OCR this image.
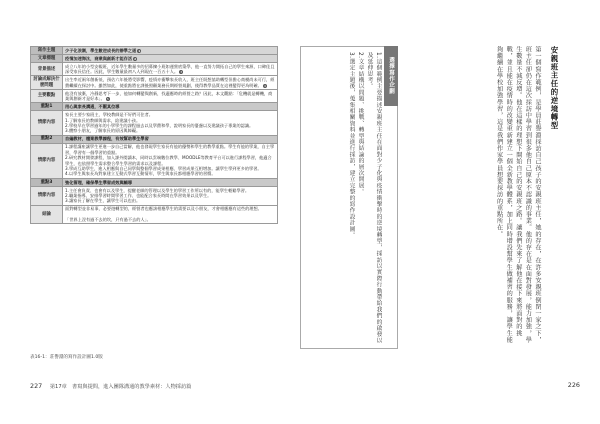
寫作主題	少子化浪潮，學生數逆成長的辦學之道 1
文章標題	疫情加速海汰，商業與創新才能存活 2
背景描述	成立八年的小型安親班，近年學生數量多的招募擴小班如運營底築學，他一直努力開拓自己的學生來源，口碑佳且深受家長信任。因此，學生數量最初八人到現在一百五十人。 3
討論成解決什麼問題	出生率近兩年創新低，預估六年後將受影響，疫情亦衝擊家長收入，班主任既想協助轉型但擔心商模尚未可行，經費繼續在探討中。雖然如此，使重點將在課後照顧業務長期經營規劃，使得教學品質在這裡變得更為明確。 4
主要觀點	他沒有放棄，冷靜思考下一步，他如何轉變與創新，找適應時的經營之路？因此，本文觀點：「危機就是轉機，商業與創新才是好本」。 5
重點1	用心與家長溝通，不厭其位導
情節內容	家長主要少家班主，學校教師是不好們可住者。
1.了解家長的教師與需求，給建議小孩。
2.學校早在學習過年的小學學生的課程過去以及學費和學，說明家長的憂慮以及建議孩子專業的認識。
3.體察小朋友，了解家長的原因與障礙。
重點2	自編教材，檔案教學課程，有效幫助學生學習
情節內容	1.課程講座讓學生更進一步自己當解，他也發現學生家長有他的優勢和學生的教學重點。學生有他的學業，自主學習，學習有一個學習的重點。
2.研究教材開發課程，加入課外閱讀本，同時以雲端數位教學、MOODLE等教育平台可以進行課程學習，他適合學生，也依照學生需求整合學生學習的需求以及課程。
3.學成互助學生，進入相應與自己同學與整個學習成果相應、學習成果互相增加。讓學生學到更多的學習。
4.以學生與家長為對象建立互動式學習互動情形，學生與家長都相應學習的習慣。
重點3	強化管理，確保學生學習成效與輔導
情節內容	1.主任會負責、也會有以及學生，提醒老師的管理以及學生的學習工作所以有的，能學生輕鬆學習。
2.職業指導、安排學習時間學習工作、也能配合家長時間在學習效果以及學生。
3.讓家長了解在學生，讓學生可以也由。
結論	面對轉型並非易事，必要遊轉型的，經營者也應該相應學生的需要以及小朋友，才會相應應有這些的理想。

「世界上沒有過不去的坎，只有過不去的人」。
表16-1：莊譽淵的寫作設計圖1.0版
227 第17章　書寫與提問，進入團隊溝通的教學素材：人物採訪篇
安親班主任的逆境轉型
第一個寫作範例，是學員莊譽淵採訪自己孩子的安親班主任，她的存在，在許多安親班倒閉一家之下，班主任卻仍在這次採訪中學習到很多他自己原本不認識的事業。他的存在是在面對發展，能力加強，學生數量不減反增。他在這樣的理想下開始自己的安親班之路。讓我們先來了解他在接下來將面對的挑戰，並且能在疫情時的改變重新建立一個全新教學體系，加上同時增設幫學生做補習的服務，讓學生能夠繼續在學校加強學習，這是我們作家學員想要採訪的重點所在。
選擇寫作企劃
1.這個範例主要描述安親班主任在面對少子化與疫情衝擊時的逆境轉型，採訪以實際行動帶給我們的啟發以及延伸思考。
2.文章結構以問題、挑戰、轉型與結論的層次開展。
3.選定主題後，蒐集相關資料並進行採訪，建立完整的寫作設計圖。
226
